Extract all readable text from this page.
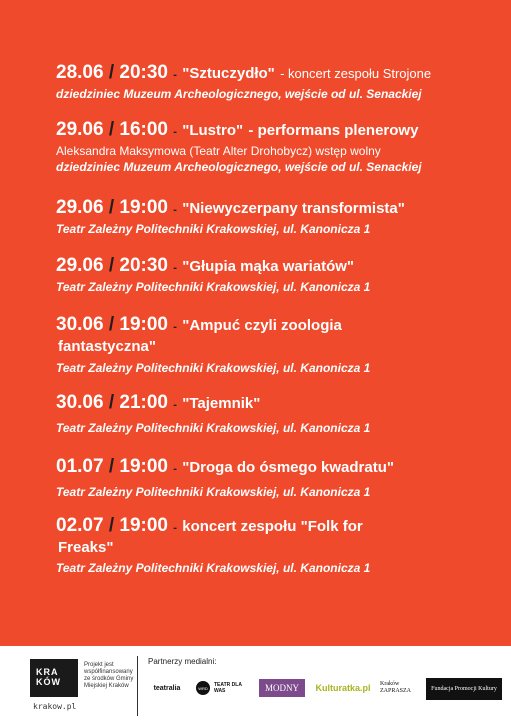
28.06 / 20:30 - "Sztuczydło" - koncert zespołu Strojone
dziedziniec Muzeum Archeologicznego, wejście od ul. Senackiej
29.06 / 16:00 - "Lustro" - performans plenerowy
Aleksandra Maksymowa (Teatr Alter Drohobycz) wstęp wolny
dziedziniec Muzeum Archeologicznego, wejście od ul. Senackiej
29.06 / 19:00 - "Niewyczerpany transformista"
Teatr Zależny Politechniki Krakowskiej, ul. Kanonicza 1
29.06 / 20:30 - "Głupia mąka wariatów"
Teatr Zależny Politechniki Krakowskiej, ul. Kanonicza 1
30.06 / 19:00 - "Ampuć czyli zoologia
fantastyczna"
Teatr Zależny Politechniki Krakowskiej, ul. Kanonicza 1
30.06 / 21:00 - "Tajemnik"
Teatr Zależny Politechniki Krakowskiej, ul. Kanonicza 1
01.07 / 19:00 - "Droga do ósmego kwadratu"
Teatr Zależny Politechniki Krakowskiej, ul. Kanonicza 1
02.07 / 19:00 - koncert zespołu "Folk for
Freaks"
Teatr Zależny Politechniki Krakowskiej, ul. Kanonicza 1
KRA KÓW
krakow.pl
Projekt jest współfinansowany ze środków Gminy Miejskiej Kraków
Partnerzy medialni:
teatralia	WRD	TEATR DLA WAS	MODNY	Kulturatka.pl	Kraków ZAPRASZA	Fundacja Promocji Kultury
